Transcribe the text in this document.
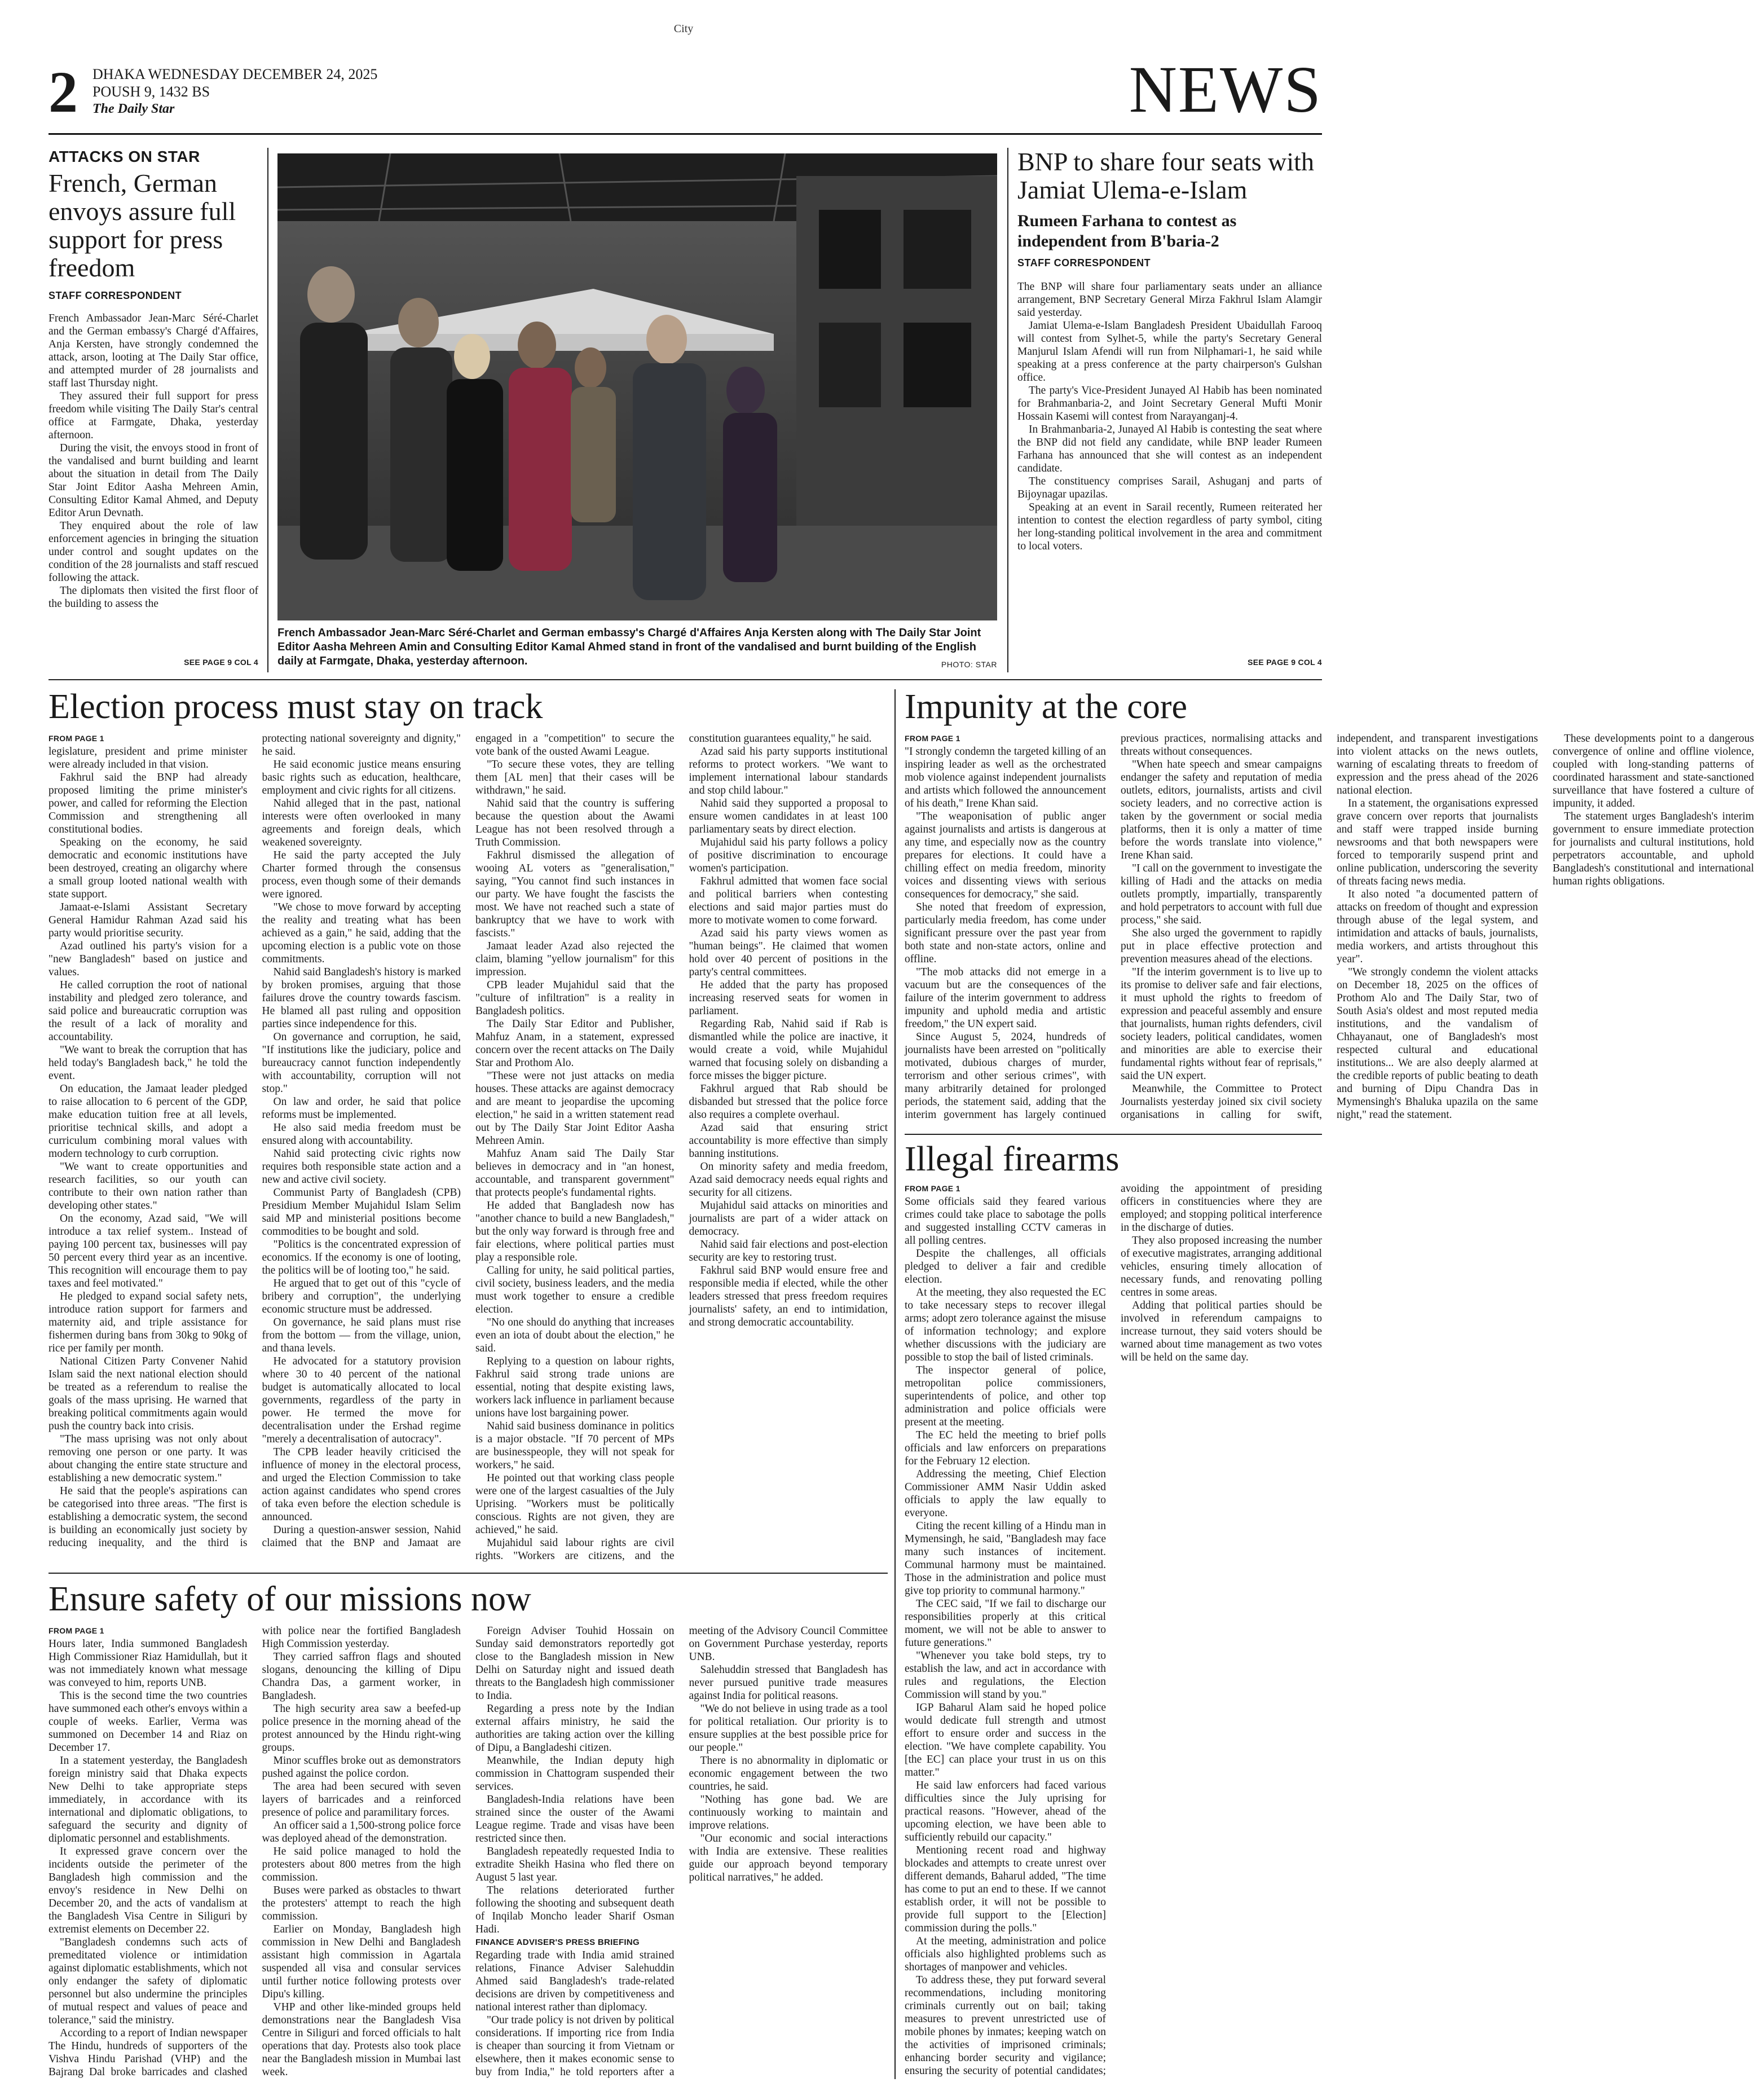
City
2 DHAKA WEDNESDAY DECEMBER 24, 2025
POUSH 9, 1432 BS
The Daily Star	NEWS
ATTACKS ON STAR
French, German envoys assure full support for press freedom
STAFF CORRESPONDENT

French Ambassador Jean-Marc Séré-Charlet and the German embassy's Chargé d'Affaires, Anja Kersten, have strongly condemned the attack, arson, looting at The Daily Star office, and attempted murder of 28 journalists and staff last Thursday night.

They assured their full support for press freedom while visiting The Daily Star's central office at Farmgate, Dhaka, yesterday afternoon.

During the visit, the envoys stood in front of the vandalised and burnt building and learnt about the situation in detail from The Daily Star Joint Editor Aasha Mehreen Amin, Consulting Editor Kamal Ahmed, and Deputy Editor Arun Devnath.

They enquired about the role of law enforcement agencies in bringing the situation under control and sought updates on the condition of the 28 journalists and staff rescued following the attack.

The diplomats then visited the first floor of the building to assess the

SEE PAGE 9 COL 4
French Ambassador Jean-Marc Séré-Charlet and German embassy's Chargé d'Affaires Anja Kersten along with The Daily Star Joint Editor Aasha Mehreen Amin and Consulting Editor Kamal Ahmed stand in front of the vandalised and burnt building of the English daily at Farmgate, Dhaka, yesterday afternoon.	PHOTO: STAR
BNP to share four seats with Jamiat Ulema-e-Islam
Rumeen Farhana to contest as independent from B'baria-2
STAFF CORRESPONDENT

The BNP will share four parliamentary seats under an alliance arrangement, BNP Secretary General Mirza Fakhrul Islam Alamgir said yesterday.

Jamiat Ulema-e-Islam Bangladesh President Ubaidullah Farooq will contest from Sylhet-5, while the party's Secretary General Manjurul Islam Afendi will run from Nilphamari-1, he said while speaking at a press conference at the party chairperson's Gulshan office.

The party's Vice-President Junayed Al Habib has been nominated for Brahmanbaria-2, and Joint Secretary General Mufti Monir Hossain Kasemi will contest from Narayanganj-4.

In Brahmanbaria-2, Junayed Al Habib is contesting the seat where the BNP did not field any candidate, while BNP leader Rumeen Farhana has announced that she will contest as an independent candidate.

The constituency comprises Sarail, Ashuganj and parts of Bijoynagar upazilas.

Speaking at an event in Sarail recently, Rumeen reiterated her intention to contest the election regardless of party symbol, citing her long-standing political involvement in the area and commitment to local voters.

SEE PAGE 9 COL 4
Election process must stay on track

FROM PAGE 1

legislature, president and prime minister were already included in that vision.

Fakhrul said the BNP had already proposed limiting the prime minister's power, and called for reforming the Election Commission and strengthening all constitutional bodies.

Speaking on the economy, he said democratic and economic institutions have been destroyed, creating an oligarchy where a small group looted national wealth with state support.

Jamaat-e-Islami Assistant Secretary General Hamidur Rahman Azad said his party would prioritise security.

Azad outlined his party's vision for a "new Bangladesh" based on justice and values.

He called corruption the root of national instability and pledged zero tolerance, and said police and bureaucratic corruption was the result of a lack of morality and accountability.

"We want to break the corruption that has held today's Bangladesh back," he told the event.

On education, the Jamaat leader pledged to raise allocation to 6 percent of the GDP, make education tuition free at all levels, prioritise technical skills, and adopt a curriculum combining moral values with modern technology to curb corruption.

"We want to create opportunities and research facilities, so our youth can contribute to their own nation rather than developing other states."

On the economy, Azad said, "We will introduce a tax relief system.. Instead of paying 100 percent tax, businesses will pay 50 percent every third year as an incentive. This recognition will encourage them to pay taxes and feel motivated."

He pledged to expand social safety nets, introduce ration support for farmers and maternity aid, and triple assistance for fishermen during bans from 30kg to 90kg of rice per family per month.

National Citizen Party Convener Nahid Islam said the next national election should be treated as a referendum to realise the goals of the mass uprising. He warned that breaking political commitments again would push the country back into crisis.

"The mass uprising was not only about removing one person or one party. It was about changing the entire state structure and establishing a new democratic system."

He said that the people's aspirations can be categorised into three areas. "The first is establishing a democratic system, the second is building an economically just society by reducing inequality, and the third is protecting national sovereignty and dignity," he said.

He said economic justice means ensuring basic rights such as education, healthcare, employment and civic rights for all citizens.

Nahid alleged that in the past, national interests were often overlooked in many agreements and foreign deals, which weakened sovereignty.

He said the party accepted the July Charter formed through the consensus process, even though some of their demands were ignored.

"We chose to move forward by accepting the reality and treating what has been achieved as a gain," he said, adding that the upcoming election is a public vote on those commitments.

Nahid said Bangladesh's history is marked by broken promises, arguing that those failures drove the country towards fascism. He blamed all past ruling and opposition parties since independence for this.

On governance and corruption, he said, "If institutions like the judiciary, police and bureaucracy cannot function independently with accountability, corruption will not stop."

On law and order, he said that police reforms must be implemented.

He also said media freedom must be ensured along with accountability.

Nahid said protecting civic rights now requires both responsible state action and a new and active civil society.

Communist Party of Bangladesh (CPB) Presidium Member Mujahidul Islam Selim said MP and ministerial positions become commodities to be bought and sold.

"Politics is the concentrated expression of economics. If the economy is one of looting, the politics will be of looting too," he said.

He argued that to get out of this "cycle of bribery and corruption", the underlying economic structure must be addressed.

On governance, he said plans must rise from the bottom — from the village, union, and thana levels.

He advocated for a statutory provision where 30 to 40 percent of the national budget is automatically allocated to local governments, regardless of the party in power. He termed the move for decentralisation under the Ershad regime "merely a decentralisation of autocracy".

The CPB leader heavily criticised the influence of money in the electoral process, and urged the Election Commission to take action against candidates who spend crores of taka even before the election schedule is announced.

During a question-answer session, Nahid claimed that the BNP and Jamaat are engaged in a "competition" to secure the vote bank of the ousted Awami League.

"To secure these votes, they are telling them [AL men] that their cases will be withdrawn," he said.

Nahid said that the country is suffering because the question about the Awami League has not been resolved through a Truth Commission.

Fakhrul dismissed the allegation of wooing AL voters as "generalisation," saying, "You cannot find such instances in our party. We have fought the fascists the most. We have not reached such a state of bankruptcy that we have to work with fascists."

Jamaat leader Azad also rejected the claim, blaming "yellow journalism" for this impression.

CPB leader Mujahidul said that the "culture of infiltration" is a reality in Bangladesh politics.

The Daily Star Editor and Publisher, Mahfuz Anam, in a statement, expressed concern over the recent attacks on The Daily Star and Prothom Alo.

"These were not just attacks on media houses. These attacks are against democracy and are meant to jeopardise the upcoming election," he said in a written statement read out by The Daily Star Joint Editor Aasha Mehreen Amin.

Mahfuz Anam said The Daily Star believes in democracy and in "an honest, accountable, and transparent government" that protects people's fundamental rights.

He added that Bangladesh now has "another chance to build a new Bangladesh," but the only way forward is through free and fair elections, where political parties must play a responsible role.

Calling for unity, he said political parties, civil society, business leaders, and the media must work together to ensure a credible election.

"No one should do anything that increases even an iota of doubt about the election," he said.

Replying to a question on labour rights, Fakhrul said strong trade unions are essential, noting that despite existing laws, workers lack influence in parliament because unions have lost bargaining power.

Nahid said business dominance in politics is a major obstacle. "If 70 percent of MPs are businesspeople, they will not speak for workers," he said.

He pointed out that working class people were one of the largest casualties of the July Uprising. "Workers must be politically conscious. Rights are not given, they are achieved," he said.

Mujahidul said labour rights are civil rights. "Workers are citizens, and the constitution guarantees equality," he said.

Azad said his party supports institutional reforms to protect workers. "We want to implement international labour standards and stop child labour."

Nahid said they supported a proposal to ensure women candidates in at least 100 parliamentary seats by direct election.

Mujahidul said his party follows a policy of positive discrimination to encourage women's participation.

Fakhrul admitted that women face social and political barriers when contesting elections and said major parties must do more to motivate women to come forward.

Azad said his party views women as "human beings". He claimed that women hold over 40 percent of positions in the party's central committees.

He added that the party has proposed increasing reserved seats for women in parliament.

Regarding Rab, Nahid said if Rab is dismantled while the police are inactive, it would create a void, while Mujahidul warned that focusing solely on disbanding a force misses the bigger picture.

Fakhrul argued that Rab should be disbanded but stressed that the police force also requires a complete overhaul.

Azad said that ensuring strict accountability is more effective than simply banning institutions.

On minority safety and media freedom, Azad said democracy needs equal rights and security for all citizens.

Mujahidul said attacks on minorities and journalists are part of a wider attack on democracy.

Nahid said fair elections and post-election security are key to restoring trust.

Fakhrul said BNP would ensure free and responsible media if elected, while the other leaders stressed that press freedom requires journalists' safety, an end to intimidation, and strong democratic accountability.

Impunity at the core

FROM PAGE 1

"I strongly condemn the targeted killing of an inspiring leader as well as the orchestrated mob violence against independent journalists and artists which followed the announcement of his death," Irene Khan said.

"The weaponisation of public anger against journalists and artists is dangerous at any time, and especially now as the country prepares for elections. It could have a chilling effect on media freedom, minority voices and dissenting views with serious consequences for democracy," she said.

She noted that freedom of expression, particularly media freedom, has come under significant pressure over the past year from both state and non-state actors, online and offline.

"The mob attacks did not emerge in a vacuum but are the consequences of the failure of the interim government to address impunity and uphold media and artistic freedom," the UN expert said.

Since August 5, 2024, hundreds of journalists have been arrested on "politically motivated, dubious charges of murder, terrorism and other serious crimes", with many arbitrarily detained for prolonged periods, the statement said, adding that the interim government has largely continued previous practices, normalising attacks and threats without consequences.

"When hate speech and smear campaigns endanger the safety and reputation of media outlets, editors, journalists, artists and civil society leaders, and no corrective action is taken by the government or social media platforms, then it is only a matter of time before the words translate into violence," Irene Khan said.

"I call on the government to investigate the killing of Hadi and the attacks on media outlets promptly, impartially, transparently and hold perpetrators to account with full due process," she said.

She also urged the government to rapidly put in place effective protection and prevention measures ahead of the elections.

"If the interim government is to live up to its promise to deliver safe and fair elections, it must uphold the rights to freedom of expression and peaceful assembly and ensure that journalists, human rights defenders, civil society leaders, political candidates, women and minorities are able to exercise their fundamental rights without fear of reprisals," said the UN expert.

Meanwhile, the Committee to Protect Journalists yesterday joined six civil society organisations in calling for swift, independent, and transparent investigations into violent attacks on the news outlets, warning of escalating threats to freedom of expression and the press ahead of the 2026 national election.

In a statement, the organisations expressed grave concern over reports that journalists and staff were trapped inside burning newsrooms and that both newspapers were forced to temporarily suspend print and online publication, underscoring the severity of threats facing news media.

It also noted "a documented pattern of attacks on freedom of thought and expression through abuse of the legal system, and intimidation and attacks of bauls, journalists, media workers, and artists throughout this year".

"We strongly condemn the violent attacks on December 18, 2025 on the offices of Prothom Alo and The Daily Star, two of South Asia's oldest and most reputed media institutions, and the vandalism of Chhayanaut, one of Bangladesh's most respected cultural and educational institutions... We are also deeply alarmed at the credible reports of public beating to death and burning of Dipu Chandra Das in Mymensingh's Bhaluka upazila on the same night," read the statement.

These developments point to a dangerous convergence of online and offline violence, coupled with long-standing patterns of coordinated harassment and state-sanctioned surveillance that have fostered a culture of impunity, it added.

The statement urges Bangladesh's interim government to ensure immediate protection for journalists and cultural institutions, hold perpetrators accountable, and uphold Bangladesh's constitutional and international human rights obligations.

Illegal firearms

FROM PAGE 1

Some officials said they feared various crimes could take place to sabotage the polls and suggested installing CCTV cameras in all polling centres.

Despite the challenges, all officials pledged to deliver a fair and credible election.

At the meeting, they also requested the EC to take necessary steps to recover illegal arms; adopt zero tolerance against the misuse of information technology; and explore whether discussions with the judiciary are possible to stop the bail of listed criminals.

The inspector general of police, metropolitan police commissioners, superintendents of police, and other top administration and police officials were present at the meeting.

The EC held the meeting to brief polls officials and law enforcers on preparations for the February 12 election.

Addressing the meeting, Chief Election Commissioner AMM Nasir Uddin asked officials to apply the law equally to everyone.

Citing the recent killing of a Hindu man in Mymensingh, he said, "Bangladesh may face many such instances of incitement. Communal harmony must be maintained. Those in the administration and police must give top priority to communal harmony."

The CEC said, "If we fail to discharge our responsibilities properly at this critical moment, we will not be able to answer to future generations."

"Whenever you take bold steps, try to establish the law, and act in accordance with rules and regulations, the Election Commission will stand by you."

IGP Baharul Alam said he hoped police would dedicate full strength and utmost effort to ensure order and success in the election. "We have complete capability. You [the EC] can place your trust in us on this matter."

He said law enforcers had faced various difficulties since the July uprising for practical reasons. "However, ahead of the upcoming election, we have been able to sufficiently rebuild our capacity."

Mentioning recent road and highway blockades and attempts to create unrest over different demands, Baharul added, "The time has come to put an end to these. If we cannot establish order, it will not be possible to provide full support to the [Election] commission during the polls."

At the meeting, administration and police officials also highlighted problems such as shortages of manpower and vehicles.

To address these, they put forward several recommendations, including monitoring criminals currently out on bail; taking measures to prevent unrestricted use of mobile phones by inmates; keeping watch on the activities of imprisoned criminals; enhancing border security and vigilance; ensuring the security of potential candidates; avoiding the appointment of presiding officers in constituencies where they are employed; and stopping political interference in the discharge of duties.

They also proposed increasing the number of executive magistrates, arranging additional vehicles, ensuring timely allocation of necessary funds, and renovating polling centres in some areas.

Adding that political parties should be involved in referendum campaigns to increase turnout, they said voters should be warned about time management as two votes will be held on the same day.

Ensure safety of our missions now

FROM PAGE 1

Hours later, India summoned Bangladesh High Commissioner Riaz Hamidullah, but it was not immediately known what message was conveyed to him, reports UNB.

This is the second time the two countries have summoned each other's envoys within a couple of weeks. Earlier, Verma was summoned on December 14 and Riaz on December 17.

In a statement yesterday, the Bangladesh foreign ministry said that Dhaka expects New Delhi to take appropriate steps immediately, in accordance with its international and diplomatic obligations, to safeguard the security and dignity of diplomatic personnel and establishments.

It expressed grave concern over the incidents outside the perimeter of the Bangladesh high commission and the envoy's residence in New Delhi on December 20, and the acts of vandalism at the Bangladesh Visa Centre in Siliguri by extremist elements on December 22.

"Bangladesh condemns such acts of premeditated violence or intimidation against diplomatic establishments, which not only endanger the safety of diplomatic personnel but also undermine the principles of mutual respect and values of peace and tolerance," said the ministry.

According to a report of Indian newspaper The Hindu, hundreds of supporters of the Vishva Hindu Parishad (VHP) and the Bajrang Dal broke barricades and clashed with police near the fortified Bangladesh High Commission yesterday.

They carried saffron flags and shouted slogans, denouncing the killing of Dipu Chandra Das, a garment worker, in Bangladesh.

The high security area saw a beefed-up police presence in the morning ahead of the protest announced by the Hindu right-wing groups.

Minor scuffles broke out as demonstrators pushed against the police cordon.

The area had been secured with seven layers of barricades and a reinforced presence of police and paramilitary forces.

An officer said a 1,500-strong police force was deployed ahead of the demonstration.

He said police managed to hold the protesters about 800 metres from the high commission.

Buses were parked as obstacles to thwart the protesters' attempt to reach the high commission.

Earlier on Monday, Bangladesh high commission in New Delhi and Bangladesh assistant high commission in Agartala suspended all visa and consular services until further notice following protests over Dipu's killing.

VHP and other like-minded groups held demonstrations near the Bangladesh Visa Centre in Siliguri and forced officials to halt operations that day. Protests also took place near the Bangladesh mission in Mumbai last week.

Foreign Adviser Touhid Hossain on Sunday said demonstrators reportedly got close to the Bangladesh mission in New Delhi on Saturday night and issued death threats to the Bangladesh high commissioner to India.

Regarding a press note by the Indian external affairs ministry, he said the authorities are taking action over the killing of Dipu, a Bangladeshi citizen.

Meanwhile, the Indian deputy high commission in Chattogram suspended their services.

Bangladesh-India relations have been strained since the ouster of the Awami League regime. Trade and visas have been restricted since then.

Bangladesh repeatedly requested India to extradite Sheikh Hasina who fled there on August 5 last year.

The relations deteriorated further following the shooting and subsequent death of Inqilab Moncho leader Sharif Osman Hadi.

FINANCE ADVISER'S PRESS BRIEFING

Regarding trade with India amid strained relations, Finance Adviser Salehuddin Ahmed said Bangladesh's trade-related decisions are driven by competitiveness and national interest rather than diplomacy.

"Our trade policy is not driven by political considerations. If importing rice from India is cheaper than sourcing it from Vietnam or elsewhere, then it makes economic sense to buy from India," he told reporters after a meeting of the Advisory Council Committee on Government Purchase yesterday, reports UNB.

Salehuddin stressed that Bangladesh has never pursued punitive trade measures against India for political reasons.

"We do not believe in using trade as a tool for political retaliation. Our priority is to ensure supplies at the best possible price for our people."

There is no abnormality in diplomatic or economic engagement between the two countries, he said.

"Nothing has gone bad. We are continuously working to maintain and improve relations.

"Our economic and social interactions with India are extensive. These realities guide our approach beyond temporary political narratives," he added.
